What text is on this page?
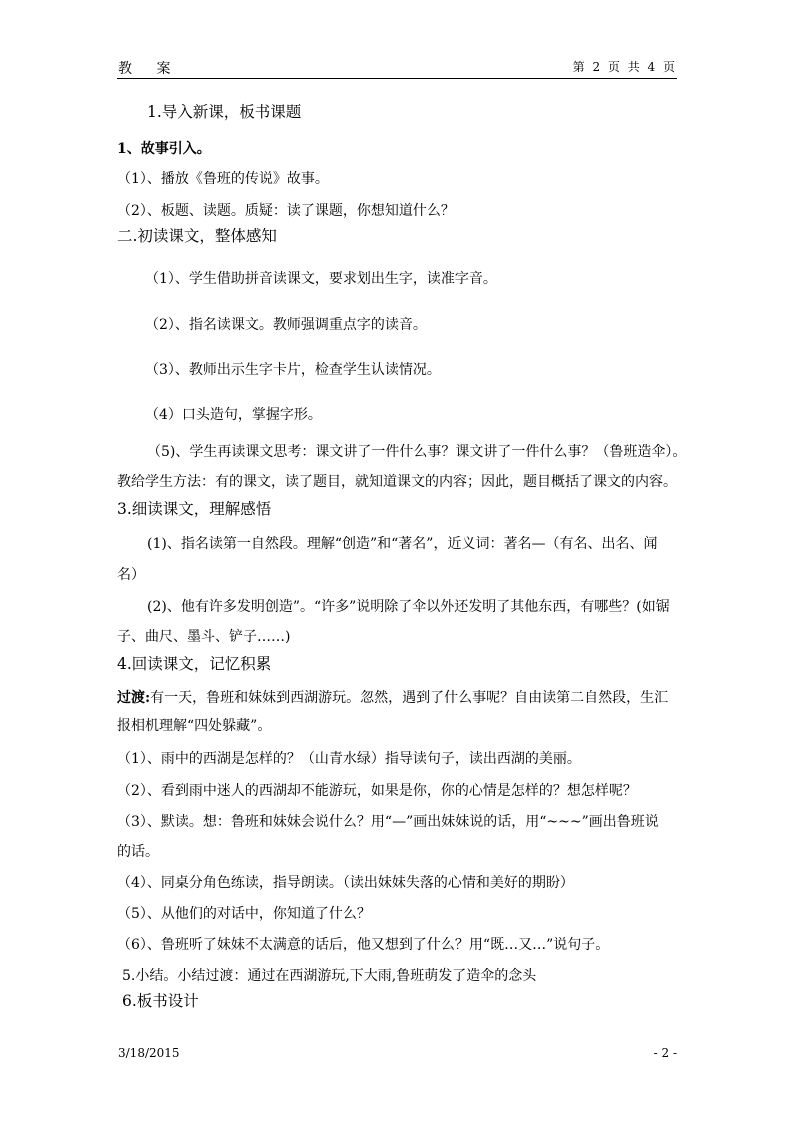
教 案	第 2 页 共 4 页
1.导入新课，板书课题
1、故事引入。
（1）、播放《鲁班的传说》故事。
（2）、板题、读题。质疑：读了课题，你想知道什么？
二.初读课文，整体感知
（1）、学生借助拼音读课文，要求划出生字，读准字音。
（2）、指名读课文。教师强调重点字的读音。
（3）、教师出示生字卡片，检查学生认读情况。
（4）口头造句，掌握字形。
（5)、学生再读课文思考：课文讲了一件什么事？课文讲了一件什么事？（鲁班造伞）。
教给学生方法：有的课文，读了题目，就知道课文的内容；因此，题目概括了课文的内容。
3.细读课文，理解感悟
(1)、指名读第一自然段。理解“创造”和“著名”，近义词：著名—（有名、出名、闻
名）
(2)、他有许多发明创造”。“许多”说明除了伞以外还发明了其他东西，有哪些？(如锯
子、曲尺、墨斗、铲子……)
4.回读课文，记忆积累
过渡:有一天，鲁班和妹妹到西湖游玩。忽然，遇到了什么事呢？自由读第二自然段，生汇
报相机理解“四处躲藏”。
（1）、雨中的西湖是怎样的？（山青水绿）指导读句子，读出西湖的美丽。
（2）、看到雨中迷人的西湖却不能游玩，如果是你，你的心情是怎样的？想怎样呢？
（3）、默读。想：鲁班和妹妹会说什么？用“—”画出妹妹说的话，用“~~~”画出鲁班说
的话。
（4）、同桌分角色练读，指导朗读。（读出妹妹失落的心情和美好的期盼）
（5）、从他们的对话中，你知道了什么？
（6）、鲁班听了妹妹不太满意的话后，他又想到了什么？用“既…又…”说句子。
5.小结。小结过渡：通过在西湖游玩,下大雨,鲁班萌发了造伞的念头
6.板书设计
3/18/2015	- 2 -
